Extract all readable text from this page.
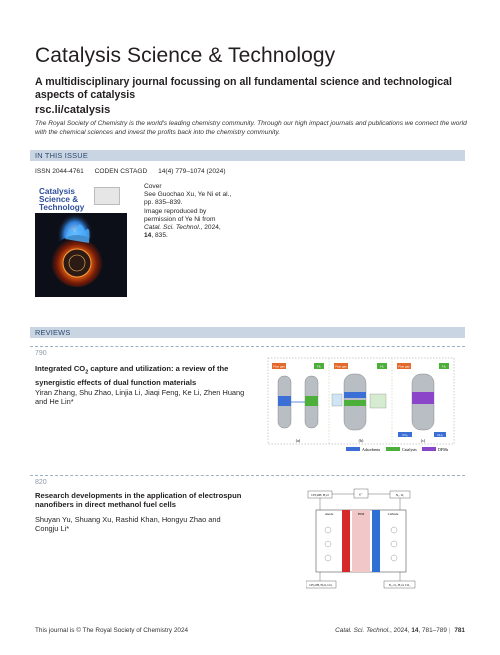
Catalysis Science & Technology
A multidisciplinary journal focussing on all fundamental science and technological aspects of catalysis
rsc.li/catalysis
The Royal Society of Chemistry is the world's leading chemistry community. Through our high impact journals and publications we connect the world with the chemical sciences and invest the profits back into the chemistry community.
IN THIS ISSUE
ISSN 2044-4761 CODEN CSTAGD 14(4) 779–1074 (2024)
Catalysis Science & Technology
Cover
See Guochao Xu, Ye Ni et al.,
pp. 835–839.
Image reproduced by
permission of Ye Ni from
Catal. Sci. Technol., 2024,
14, 835.
REVIEWS
790
Integrated $CO_2$ capture and utilization: a review of the synergistic effects of dual function materials
Yiran Zhang, Shu Zhao, Linjia Li, Jiaqi Feng, Ke Li, Zhen Huang and He Lin*
Flue gas	H₂
(a)
Flue gas	H₂
(b)
Flue gas	H₂
CO₂	CH₄
(c)
Adsorbents	Catalysts	DFMs
820
Research developments in the application of electrospun nanofibers in direct methanol fuel cells
Shuyan Yu, Shuang Xu, Rashid Khan, Hongyu Zhao and Congju Li*
CH₃OH, H₂O	N₂, O₂
e⁻
Anode	PEM	Cathode
CH₃OH, H₂O, CO₂	N₂, O₂, H₂O, CO₂
This journal is © The Royal Society of Chemistry 2024	Catal. Sci. Technol., 2024, 14, 781–789 | 781
